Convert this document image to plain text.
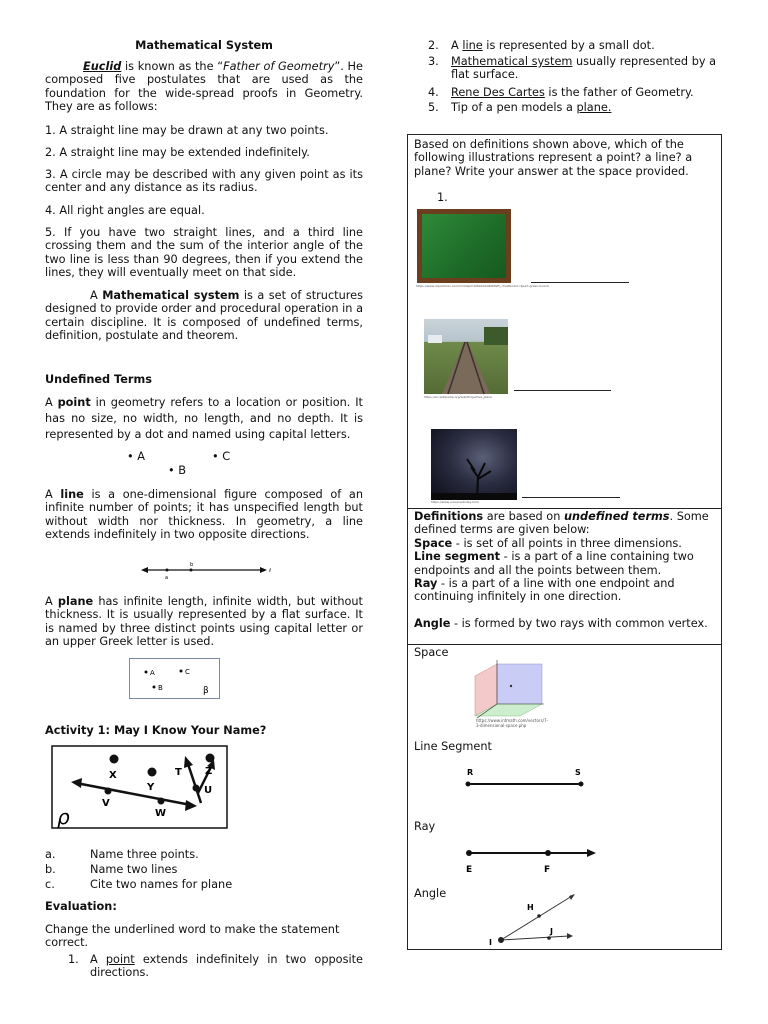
Mathematical System

Euclid is known as the “Father of Geometry”. He composed five postulates that are used as the foundation for the wide-spread proofs in Geometry. They are as follows:

1. A straight line may be drawn at any two points.

2. A straight line may be extended indefinitely.

3. A circle may be described with any given point as its center and any distance as its radius.

4. All right angles are equal.

5. If you have two straight lines, and a third line crossing them and the sum of the interior angle of the two line is less than 90 degrees, then if you extend the lines, they will eventually meet on that side.

A Mathematical system is a set of structures designed to provide order and procedural operation in a certain discipline. It is composed of undefined terms, definition, postulate and theorem.

Undefined Terms

A point in geometry refers to a location or position. It has no size, no width, no length, and no depth. It is represented by a dot and named using capital letters.

• A	• C

• B

A line is a one-dimensional figure composed of an infinite number of points; it has unspecified length but without width nor thickness. In geometry, a line extends indefinitely in two opposite directions.

a
b
ℓ

A plane has infinite length, infinite width, but without thickness. It is usually represented by a flat surface. It is named by three distinct points using capital letter or an upper Greek letter is used.

A	C
B	β

Activity 1: May I Know Your Name?

X
Y
T Z
U
V
W
ρ

a.	Name three points.

b.	Name two lines

c.	Cite two names for plane

Evaluation:

Change the underlined word to make the statement correct.

1. A point extends indefinitely in two opposite directions.

2. A line is represented by a small dot.

3. Mathematical system usually represented by a flat surface.

4. Rene Des Cartes is the father of Geometry.

5. Tip of a pen models a plane.

Based on definitions shown above, which of the following illustrations represent a point? a line? a plane? Write your answer at the space provided.

1.

https://www.clipartmax.com/middle/m2i8G6A0G6i8i8Z5_chalkboard-clipart-green-board/
https://en.wikipedia.org/wiki/Projective_plane
https://www.universetoday.com/

Definitions are based on undefined terms. Some defined terms are given below:
Space - is set of all points in three dimensions.
Line segment - is a part of a line containing two endpoints and all the points between them.
Ray - is a part of a line with one endpoint and continuing infinitely in one direction.

Angle - is formed by two rays with common vertex.

Space

https://www.intmath.com/vectors/7-3-dimensional-space.php

Line Segment

R	S

Ray

E	F

Angle

H
J
I
